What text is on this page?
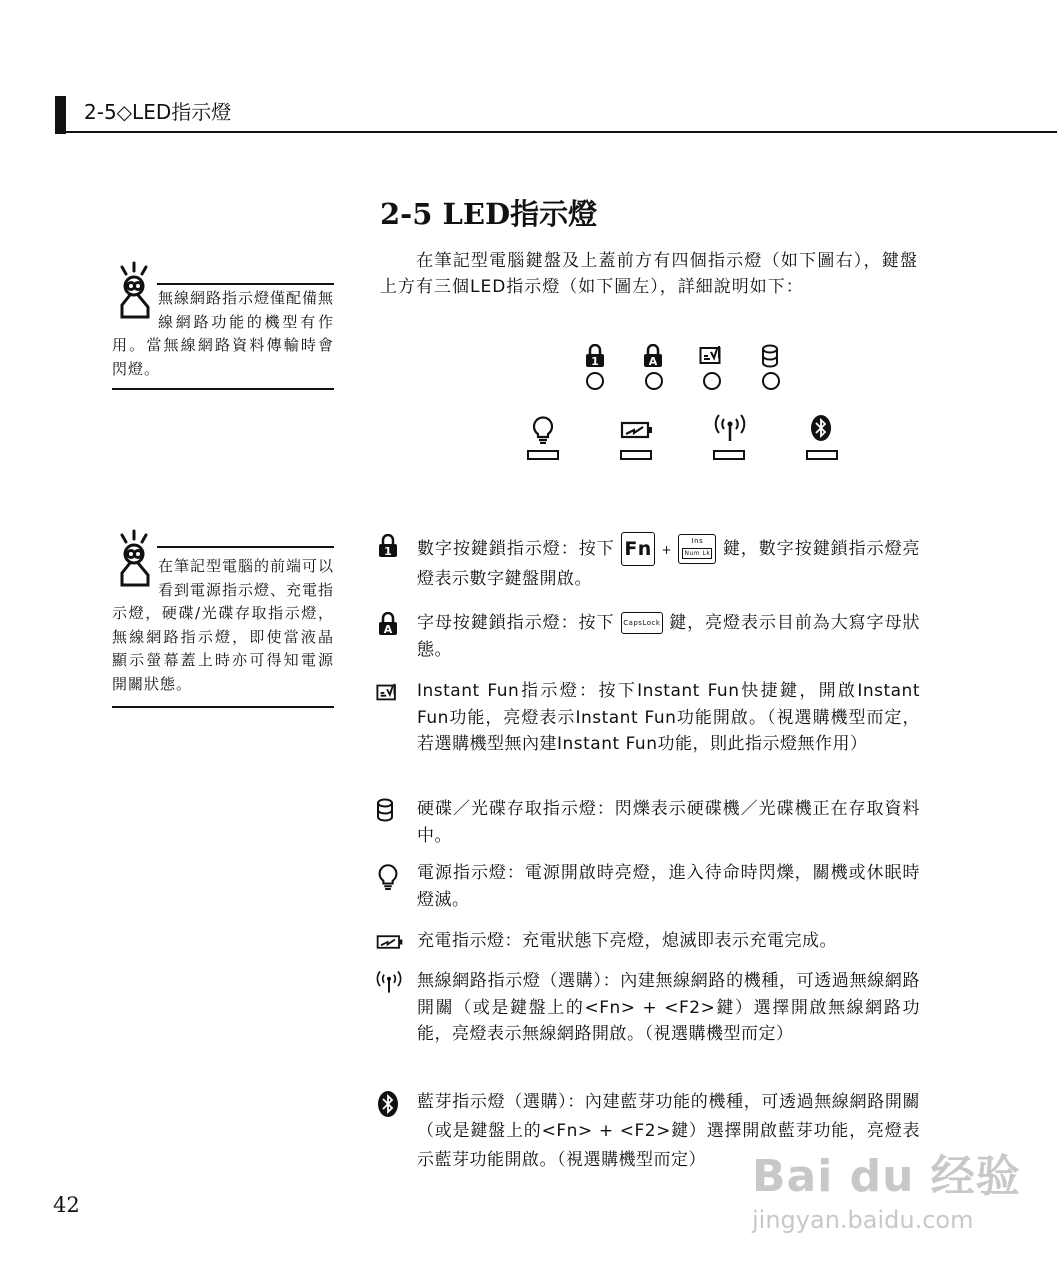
2-5◇LED指示燈
2-5 LED指示燈
在筆記型電腦鍵盤及上蓋前方有四個指示燈（如下圖右），鍵盤上方有三個LED指示燈（如下圖左），詳細說明如下：
無線網路指示燈僅配備無線網路功能的機型有作用。當無線網路資料傳輸時會閃燈。
在筆記型電腦的前端可以看到電源指示燈、充電指示燈，硬碟/光碟存取指示燈，無線網路指示燈，即使當液晶顯示螢幕蓋上時亦可得知電源開關狀態。
1	A
1 數字按鍵鎖指示燈：按下 Fn + Ins
Num Lk 鍵，數字按鍵鎖指示燈亮燈表示數字鍵盤開啟。
A 字母按鍵鎖指示燈：按下 CapsLock 鍵，亮燈表示目前為大寫字母狀態。
Instant Fun指示燈：按下Instant Fun快捷鍵，開啟Instant Fun功能，亮燈表示Instant Fun功能開啟。（視選購機型而定，若選購機型無內建Instant Fun功能，則此指示燈無作用）
硬碟／光碟存取指示燈：閃爍表示硬碟機／光碟機正在存取資料中。
電源指示燈：電源開啟時亮燈，進入待命時閃爍，關機或休眠時燈滅。
充電指示燈：充電狀態下亮燈，熄滅即表示充電完成。
無線網路指示燈（選購）：內建無線網路的機種，可透過無線網路開關（或是鍵盤上的<Fn> + <F2>鍵）選擇開啟無線網路功能，亮燈表示無線網路開啟。（視選購機型而定）
藍芽指示燈（選購）：內建藍芽功能的機種，可透過無線網路開關（或是鍵盤上的<Fn> + <F2>鍵）選擇開啟藍芽功能，亮燈表示藍芽功能開啟。（視選購機型而定）
42
Bai du 经验
jingyan.baidu.com
